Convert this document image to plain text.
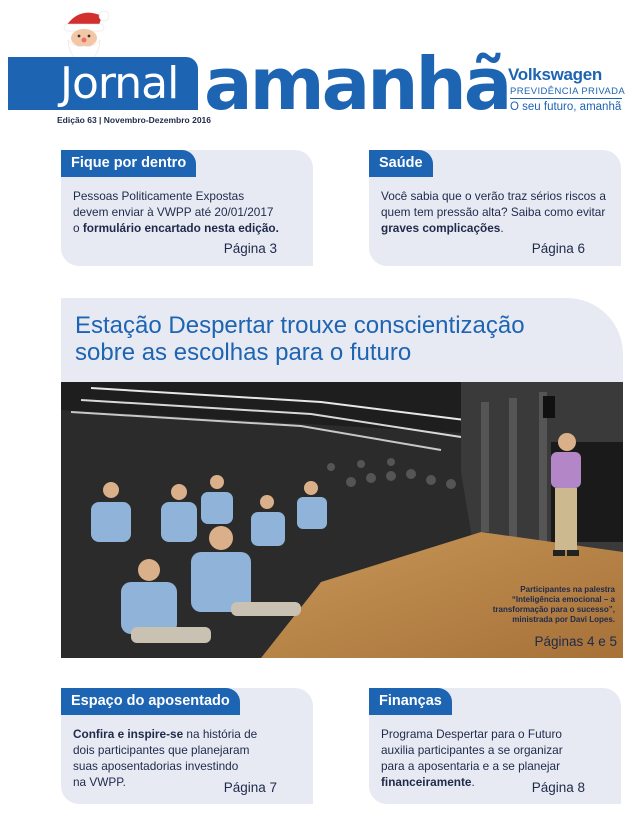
Jornal amanhã
Edição 63 | Novembro-Dezembro 2016
Volkswagen
PREVIDÊNCIA PRIVADA
O seu futuro, amanhã
Fique por dentro
Pessoas Politicamente Expostas
devem enviar à VWPP até 20/01/2017
o formulário encartado nesta edição.
Página 3
Saúde
Você sabia que o verão traz sérios riscos a
quem tem pressão alta? Saiba como evitar
graves complicações.
Página 6
Estação Despertar trouxe conscientização
sobre as escolhas para o futuro
Participantes na palestra
“Inteligência emocional – a
transformação para o sucesso”,
ministrada por Davi Lopes.
Páginas 4 e 5
Espaço do aposentado
Confira e inspire-se na história de
dois participantes que planejaram
suas aposentadorias investindo
na VWPP.	Página 7
Finanças
Programa Despertar para o Futuro
auxilia participantes a se organizar
para a aposentaria e a se planejar
financeiramente.	Página 8
